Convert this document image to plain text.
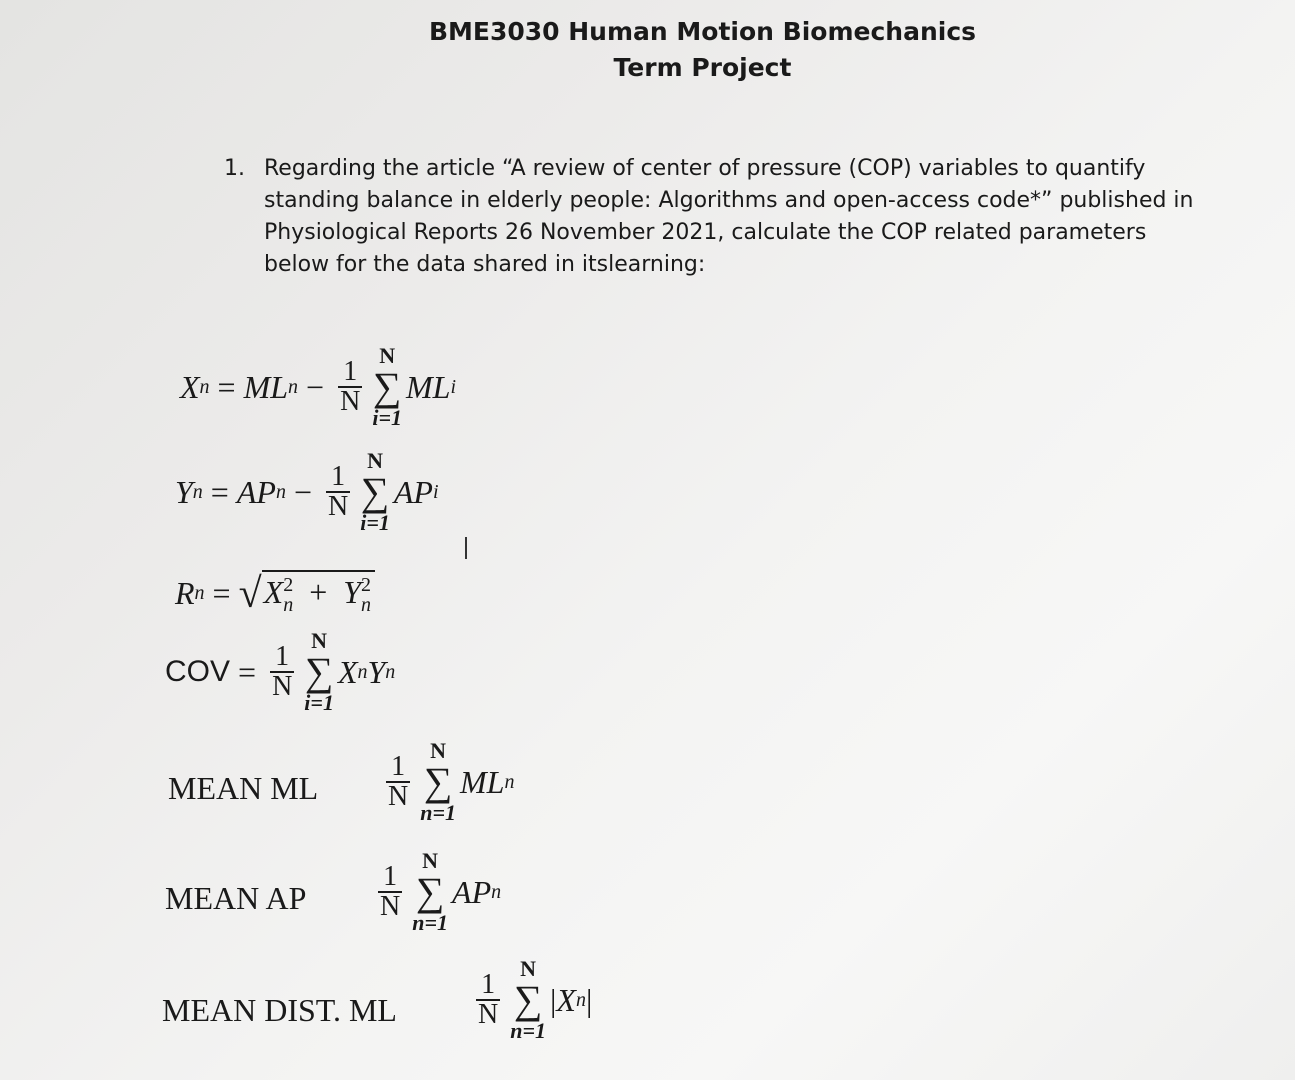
BME3030 Human Motion Biomechanics
Term Project
1. Regarding the article “A review of center of pressure (COP) variables to quantify standing balance in elderly people: Algorithms and open-access code*” published in Physiological Reports 26 November 2021, calculate the COP related parameters below for the data shared in itslearning:
X n = ML $n - \frac{1}{N}$
N
∑
i=1
ML i
Y n = AP $n - \frac{1}{N}$
N
∑
i=1
AP i
R n = √ $X^2_n + Y^2_n$
COV = $\frac{1}{N}$
N
∑
i=1
X n Y n
MEAN ML $\frac{1}{N}$
N
∑
n=1
ML n
MEAN AP	$\frac{1}{N}$
N
∑
n=1
AP n
MEAN DIST. ML	$\frac{1}{N}$
N
∑
n=1
| X n |
